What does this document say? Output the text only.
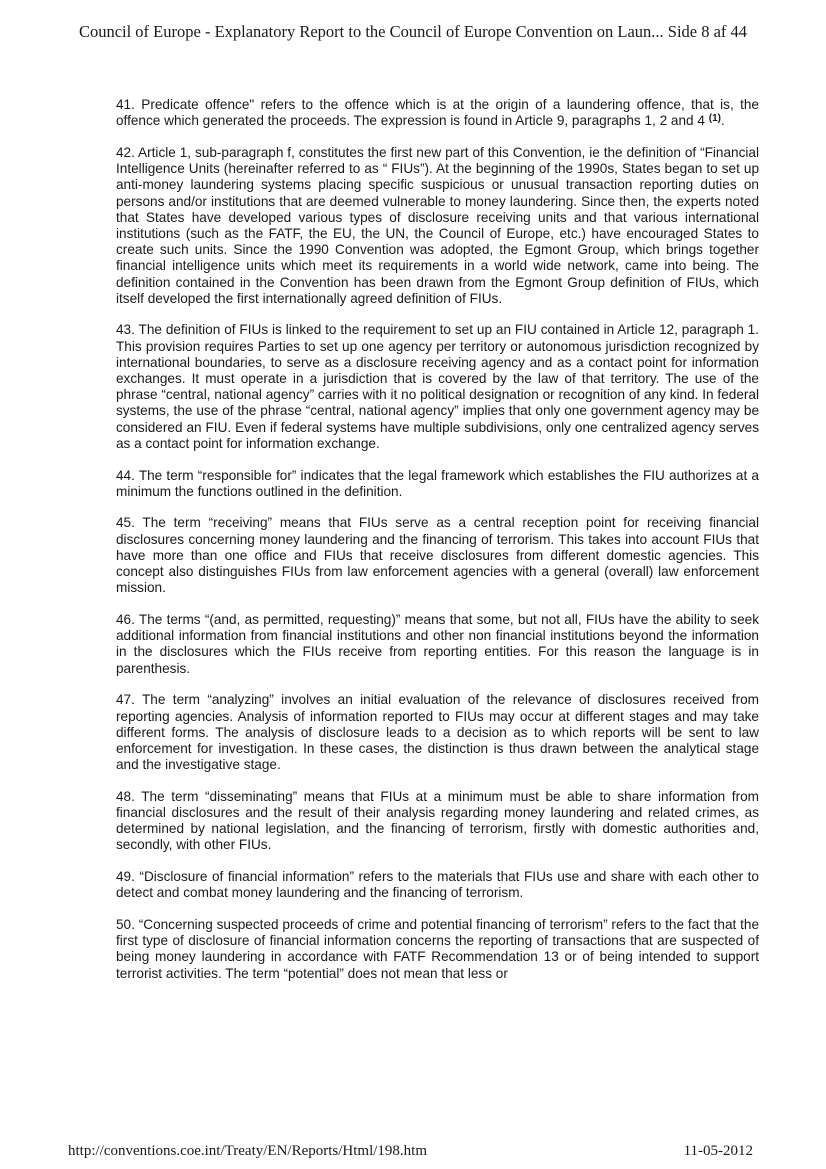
Council of Europe - Explanatory Report to the Council of Europe Convention on Laun... Side 8 af 44

41. Predicate offence" refers to the offence which is at the origin of a laundering offence, that is, the offence which generated the proceeds. The expression is found in Article 9, paragraphs 1, 2 and 4 $^{(1)}$.

42. Article 1, sub-paragraph f, constitutes the first new part of this Convention, ie the definition of “Financial Intelligence Units (hereinafter referred to as “ FIUs”). At the beginning of the 1990s, States began to set up anti-money laundering systems placing specific suspicious or unusual transaction reporting duties on persons and/or institutions that are deemed vulnerable to money laundering. Since then, the experts noted that States have developed various types of disclosure receiving units and that various international institutions (such as the FATF, the EU, the UN, the Council of Europe, etc.) have encouraged States to create such units. Since the 1990 Convention was adopted, the Egmont Group, which brings together financial intelligence units which meet its requirements in a world wide network, came into being. The definition contained in the Convention has been drawn from the Egmont Group definition of FIUs, which itself developed the first internationally agreed definition of FIUs.

43. The definition of FIUs is linked to the requirement to set up an FIU contained in Article 12, paragraph 1. This provision requires Parties to set up one agency per territory or autonomous jurisdiction recognized by international boundaries, to serve as a disclosure receiving agency and as a contact point for information exchanges. It must operate in a jurisdiction that is covered by the law of that territory. The use of the phrase “central, national agency” carries with it no political designation or recognition of any kind. In federal systems, the use of the phrase “central, national agency” implies that only one government agency may be considered an FIU. Even if federal systems have multiple subdivisions, only one centralized agency serves as a contact point for information exchange.

44. The term “responsible for” indicates that the legal framework which establishes the FIU authorizes at a minimum the functions outlined in the definition.

45. The term “receiving” means that FIUs serve as a central reception point for receiving financial disclosures concerning money laundering and the financing of terrorism. This takes into account FIUs that have more than one office and FIUs that receive disclosures from different domestic agencies. This concept also distinguishes FIUs from law enforcement agencies with a general (overall) law enforcement mission.

46. The terms “(and, as permitted, requesting)” means that some, but not all, FIUs have the ability to seek additional information from financial institutions and other non financial institutions beyond the information in the disclosures which the FIUs receive from reporting entities. For this reason the language is in parenthesis.

47. The term “analyzing” involves an initial evaluation of the relevance of disclosures received from reporting agencies. Analysis of information reported to FIUs may occur at different stages and may take different forms. The analysis of disclosure leads to a decision as to which reports will be sent to law enforcement for investigation. In these cases, the distinction is thus drawn between the analytical stage and the investigative stage.

48. The term “disseminating” means that FIUs at a minimum must be able to share information from financial disclosures and the result of their analysis regarding money laundering and related crimes, as determined by national legislation, and the financing of terrorism, firstly with domestic authorities and, secondly, with other FIUs.

49. “Disclosure of financial information” refers to the materials that FIUs use and share with each other to detect and combat money laundering and the financing of terrorism.

50. “Concerning suspected proceeds of crime and potential financing of terrorism” refers to the fact that the first type of disclosure of financial information concerns the reporting of transactions that are suspected of being money laundering in accordance with FATF Recommendation 13 or of being intended to support terrorist activities. The term “potential” does not mean that less or

http://conventions.coe.int/Treaty/EN/Reports/Html/198.htm	11-05-2012
